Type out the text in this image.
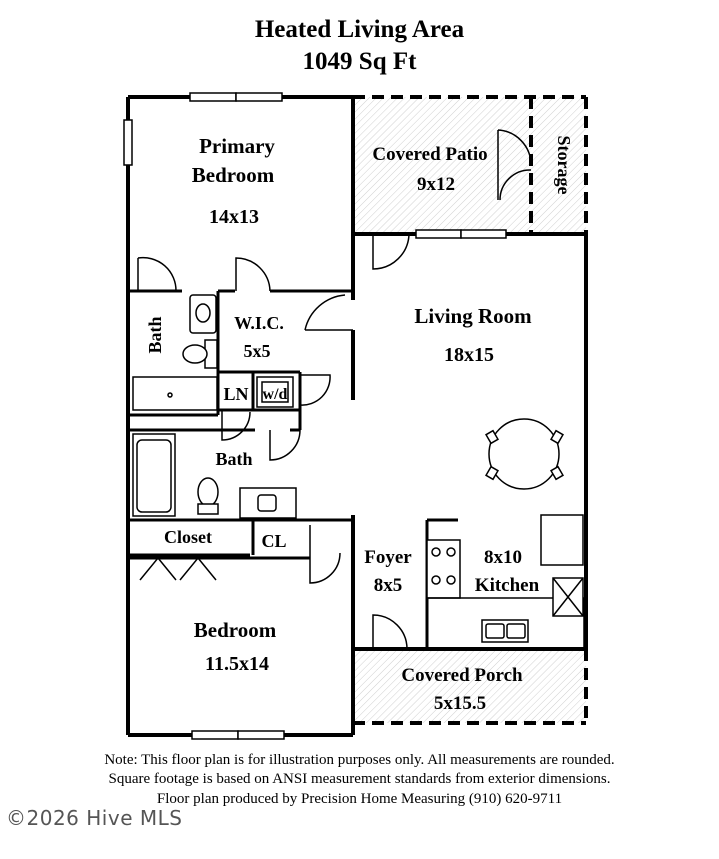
Heated Living Area
1049 Sq Ft
Primary
Bedroom
14x13
Covered Patio
9x12	Storage
Bath	W.I.C.
5x5
LN w/d
Living Room
18x15
Bath
Closet	CL
Foyer
8x5
8x10
Kitchen
Bedroom
11.5x14
Covered Porch
5x15.5
Note: This floor plan is for illustration purposes only. All measurements are rounded.
Square footage is based on ANSI measurement standards from exterior dimensions.
Floor plan produced by Precision Home Measuring (910) 620-9711
©2026 Hive MLS
